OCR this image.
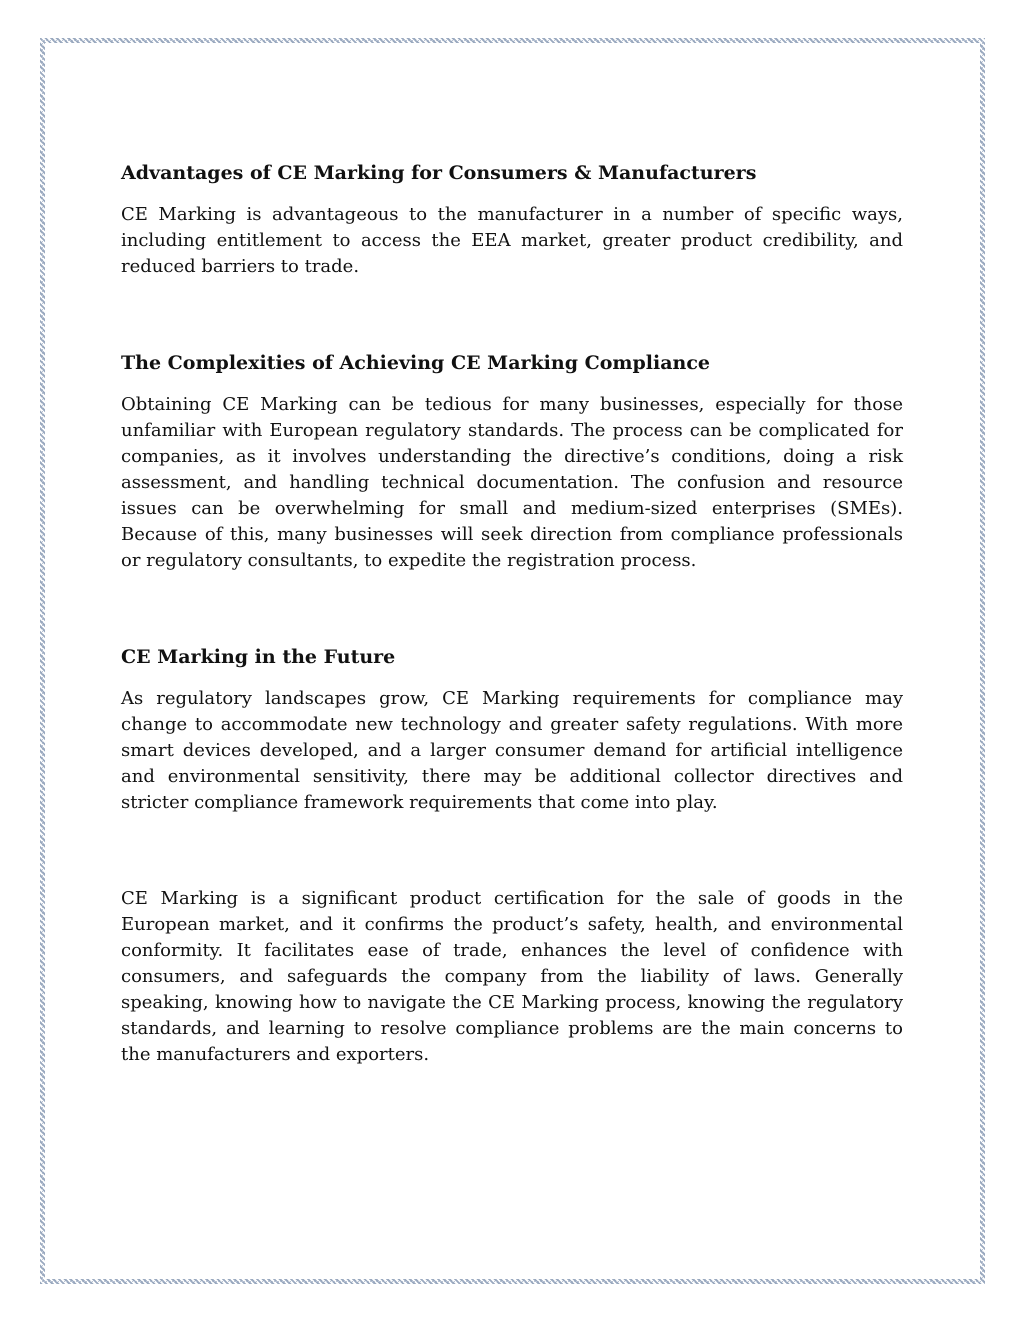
Advantages of CE Marking for Consumers & Manufacturers

CE Marking is advantageous to the manufacturer in a number of specific ways, including entitlement to access the EEA market, greater product credibility, and reduced barriers to trade.

The Complexities of Achieving CE Marking Compliance

Obtaining CE Marking can be tedious for many businesses, especially for those unfamiliar with European regulatory standards. The process can be complicated for companies, as it involves understanding the directive’s conditions, doing a risk assessment, and handling technical documentation. The confusion and resource issues can be overwhelming for small and medium-sized enterprises (SMEs). Because of this, many businesses will seek direction from compliance professionals or regulatory consultants, to expedite the registration process.

CE Marking in the Future

As regulatory landscapes grow, CE Marking requirements for compliance may change to accommodate new technology and greater safety regulations. With more smart devices developed, and a larger consumer demand for artificial intelligence and environmental sensitivity, there may be additional collector directives and stricter compliance framework requirements that come into play.

CE Marking is a significant product certification for the sale of goods in the European market, and it confirms the product’s safety, health, and environmental conformity. It facilitates ease of trade, enhances the level of confidence with consumers, and safeguards the company from the liability of laws. Generally speaking, knowing how to navigate the CE Marking process, knowing the regulatory standards, and learning to resolve compliance problems are the main concerns to the manufacturers and exporters.
